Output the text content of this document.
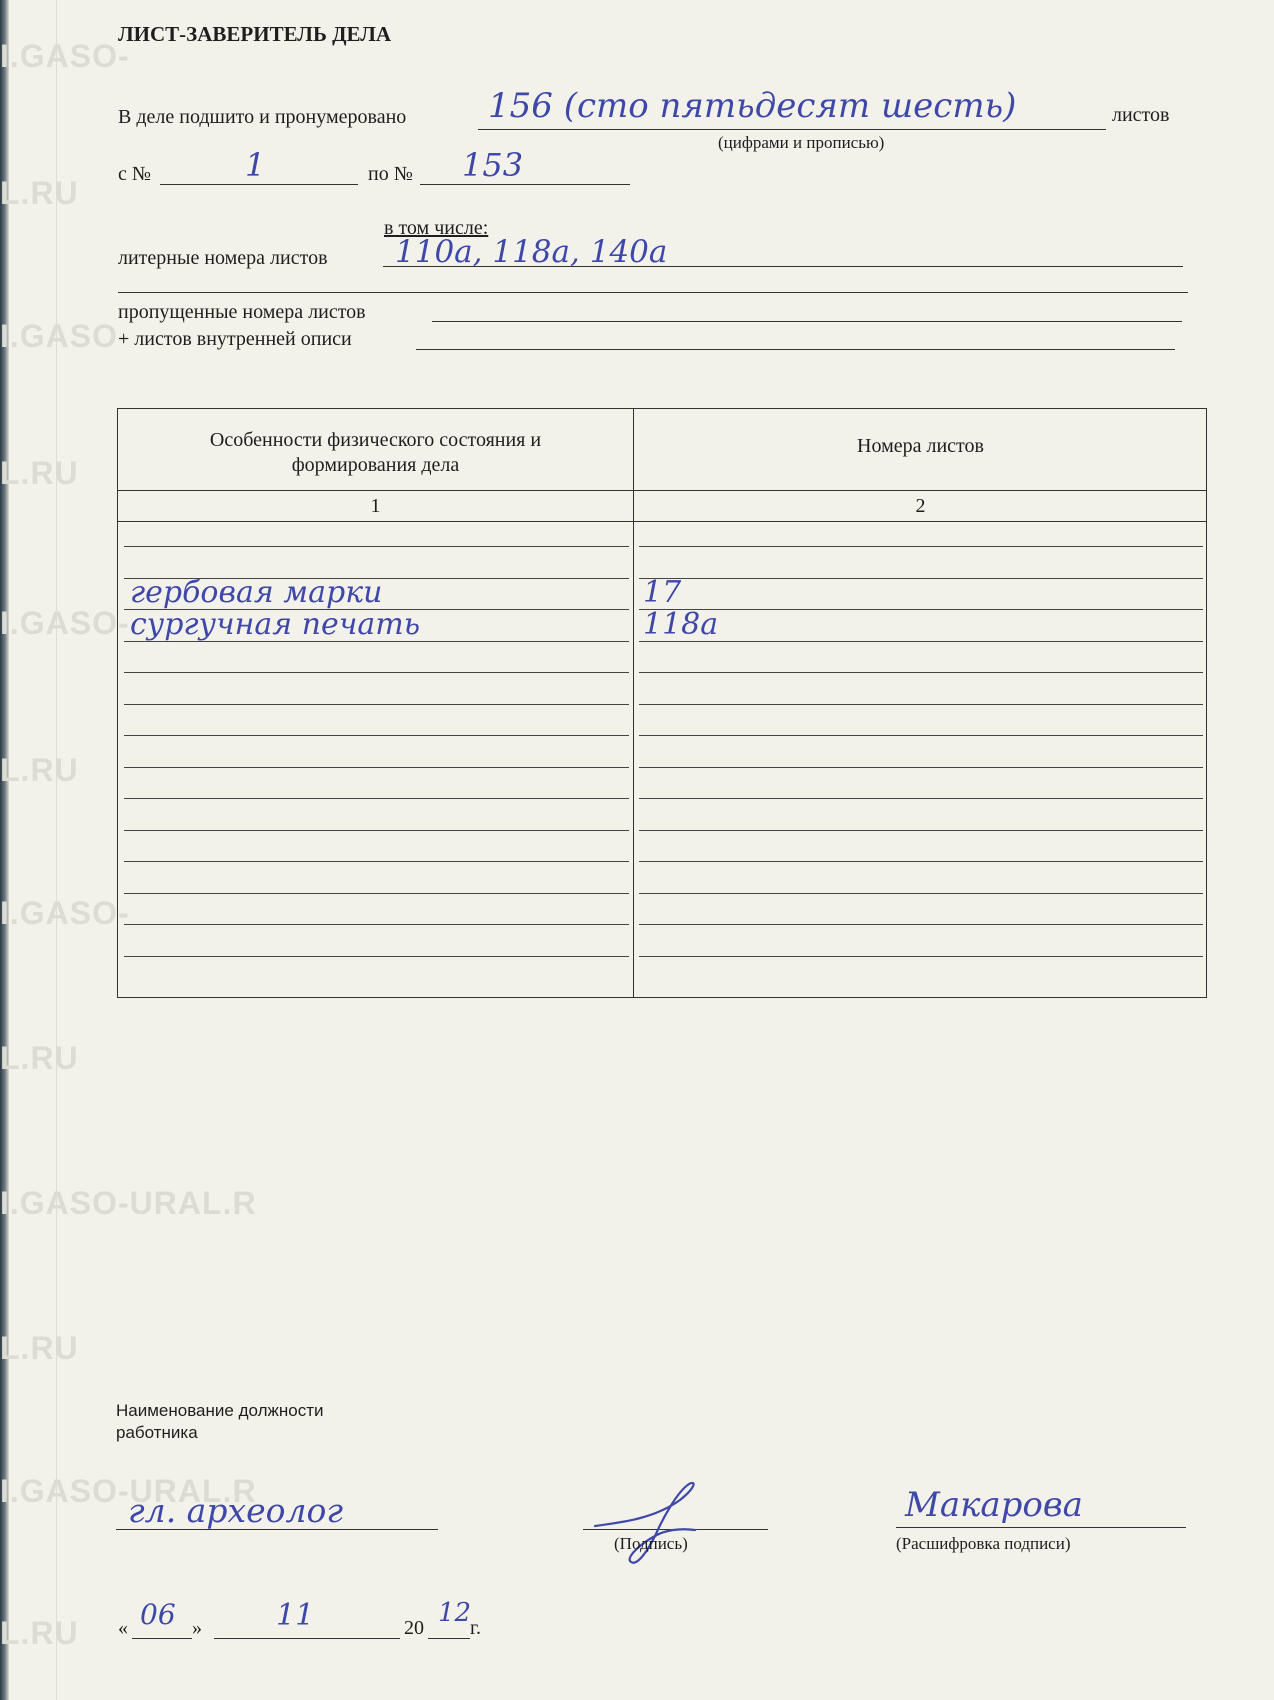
I.GASO-
L.RU
I.GASO-
L.RU
I.GASO-
L.RU
I.GASO-
L.RU
I.GASO-URAL.R
L.RU
I.GASO-URAL.R
L.RU
ЛИСТ-ЗАВЕРИТЕЛЬ ДЕЛА
В деле подшито и пронумеровано 156 (сто пятьдесят шесть)	листов
(цифрами и прописью)
с №	1	по № 153
в том числе:
литерные номера листов 110а, 118а, 140а
пропущенные номера листов
+ листов внутренней описи
Особенности физического состояния и формирования дела
Номера листов
1	2
гербовая марки	17
сургучная печать	118а
Наименование должности работника
гл. археолог
(Подпись)
Макарова
(Расшифровка подписи)
« 06 » 11	20 12
г.
